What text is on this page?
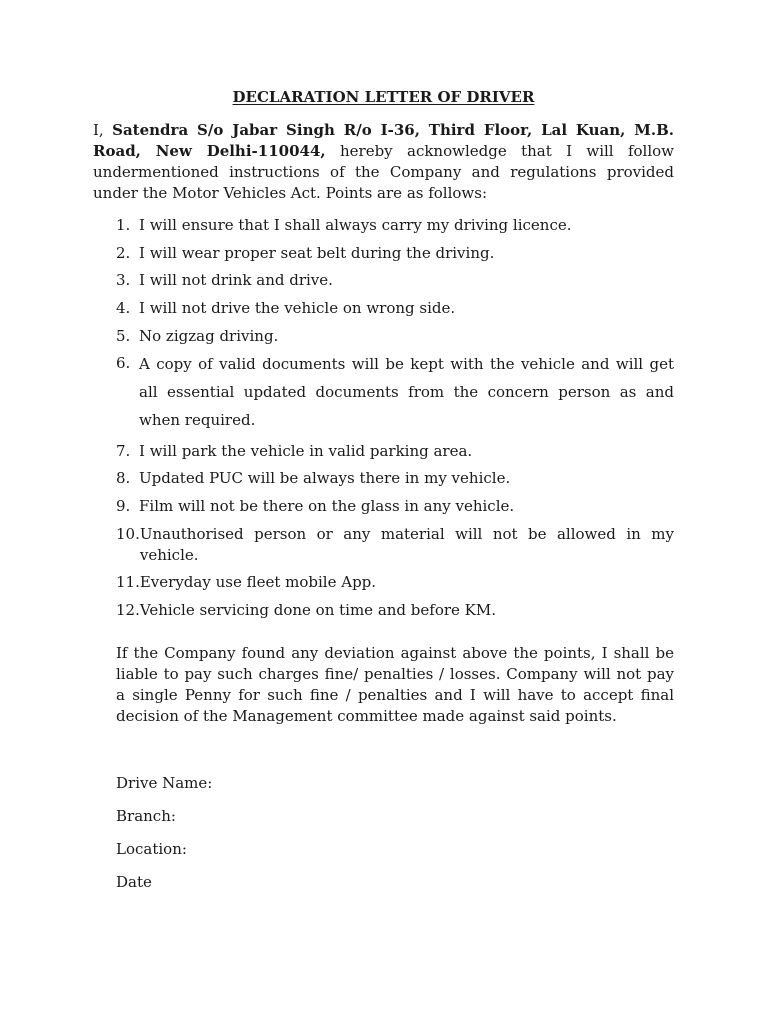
DECLARATION LETTER OF DRIVER

I, Satendra S/o Jabar Singh R/o I-36, Third Floor, Lal Kuan, M.B. Road, New Delhi-110044, hereby acknowledge that I will follow undermentioned instructions of the Company and regulations provided under the Motor Vehicles Act. Points are as follows:

1. I will ensure that I shall always carry my driving licence.
2. I will wear proper seat belt during the driving.
3. I will not drink and drive.
4. I will not drive the vehicle on wrong side.
5. No zigzag driving.
6. A copy of valid documents will be kept with the vehicle and will get all essential updated documents from the concern person as and when required.
7. I will park the vehicle in valid parking area.
8. Updated PUC will be always there in my vehicle.
9. Film will not be there on the glass in any vehicle.
10. Unauthorised person or any material will not be allowed in my vehicle.
11. Everyday use fleet mobile App.
12. Vehicle servicing done on time and before KM.

If the Company found any deviation against above the points, I shall be liable to pay such charges fine/ penalties / losses. Company will not pay a single Penny for such fine / penalties and I will have to accept final decision of the Management committee made against said points.

Drive Name:
Branch:
Location:
Date
